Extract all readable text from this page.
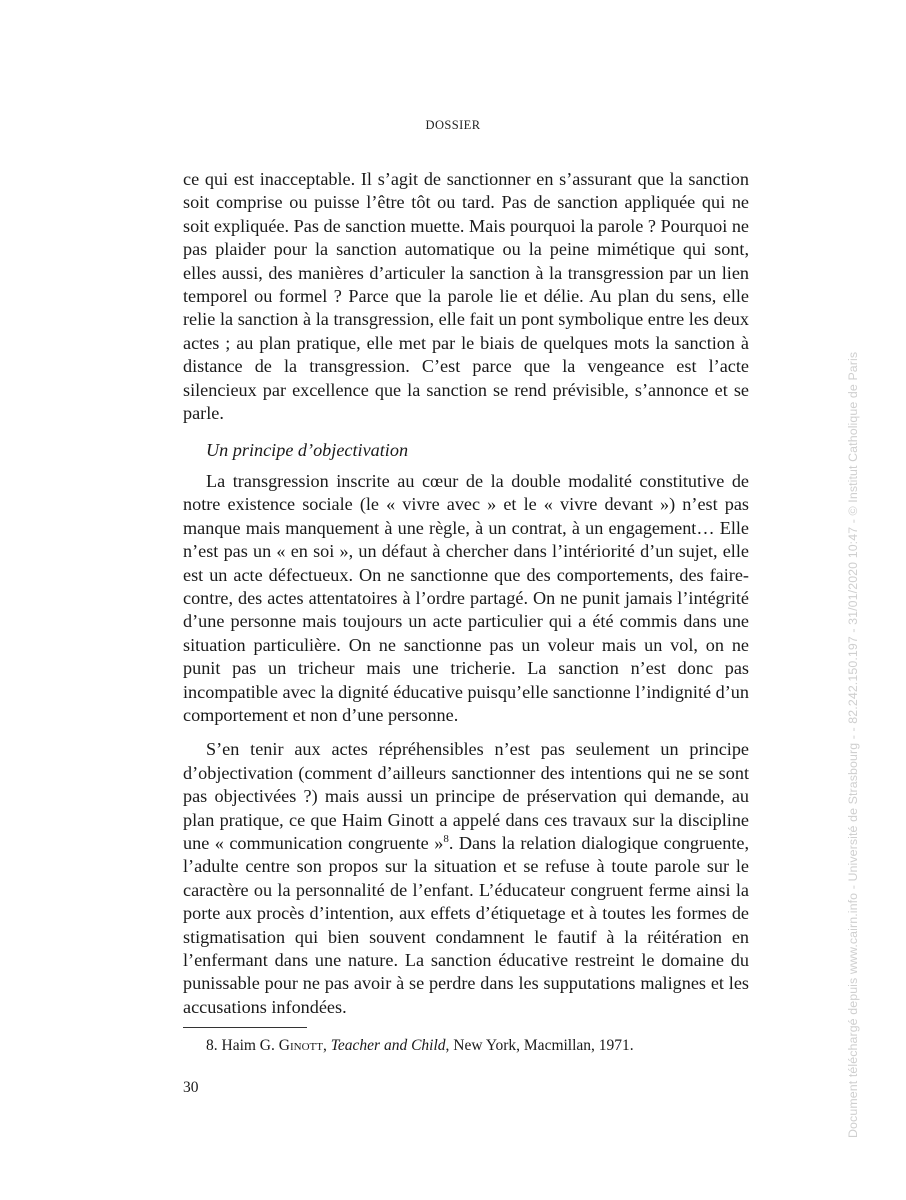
DOSSIER

ce qui est inacceptable. Il s’agit de sanctionner en s’assurant que la sanction soit comprise ou puisse l’être tôt ou tard. Pas de sanction appliquée qui ne soit expliquée. Pas de sanction muette. Mais pourquoi la parole ? Pourquoi ne pas plaider pour la sanction automatique ou la peine mimétique qui sont, elles aussi, des manières d’articuler la sanction à la transgression par un lien temporel ou formel ? Parce que la parole lie et délie. Au plan du sens, elle relie la sanction à la transgression, elle fait un pont symbolique entre les deux actes ; au plan pratique, elle met par le biais de quelques mots la sanction à distance de la transgression. C’est parce que la vengeance est l’acte silencieux par excellence que la sanction se rend prévisible, s’annonce et se parle.

Un principe d’objectivation

La transgression inscrite au cœur de la double modalité constitutive de notre existence sociale (le « vivre avec » et le « vivre devant ») n’est pas manque mais manquement à une règle, à un contrat, à un engagement… Elle n’est pas un « en soi », un défaut à chercher dans l’intériorité d’un sujet, elle est un acte défectueux. On ne sanctionne que des comportements, des faire-contre, des actes attentatoires à l’ordre partagé. On ne punit jamais l’intégrité d’une personne mais toujours un acte particulier qui a été commis dans une situation particulière. On ne sanctionne pas un voleur mais un vol, on ne punit pas un tricheur mais une tricherie. La sanction n’est donc pas incompatible avec la dignité éducative puisqu’elle sanctionne l’indignité d’un comportement et non d’une personne.

S’en tenir aux actes répréhensibles n’est pas seulement un principe d’objectivation (comment d’ailleurs sanctionner des intentions qui ne se sont pas objectivées ?) mais aussi un principe de préservation qui demande, au plan pratique, ce que Haim Ginott a appelé dans ces travaux sur la discipline une « communication congruente »$^8$. Dans la relation dialogique congruente, l’adulte centre son propos sur la situation et se refuse à toute parole sur le caractère ou la personnalité de l’enfant. L’éducateur congruent ferme ainsi la porte aux procès d’intention, aux effets d’étiquetage et à toutes les formes de stigmatisation qui bien souvent condamnent le fautif à la réitération en l’enfermant dans une nature. La sanction éducative restreint le domaine du punissable pour ne pas avoir à se perdre dans les supputations malignes et les accusations infondées.

8. Haim G. Ginott, Teacher and Child, New York, Macmillan, 1971.
30	Document téléchargé depuis www.cairn.info - Université de Strasbourg - - 82.242.150.197 - 31/01/2020 10:47 - © Institut Catholique de Paris
